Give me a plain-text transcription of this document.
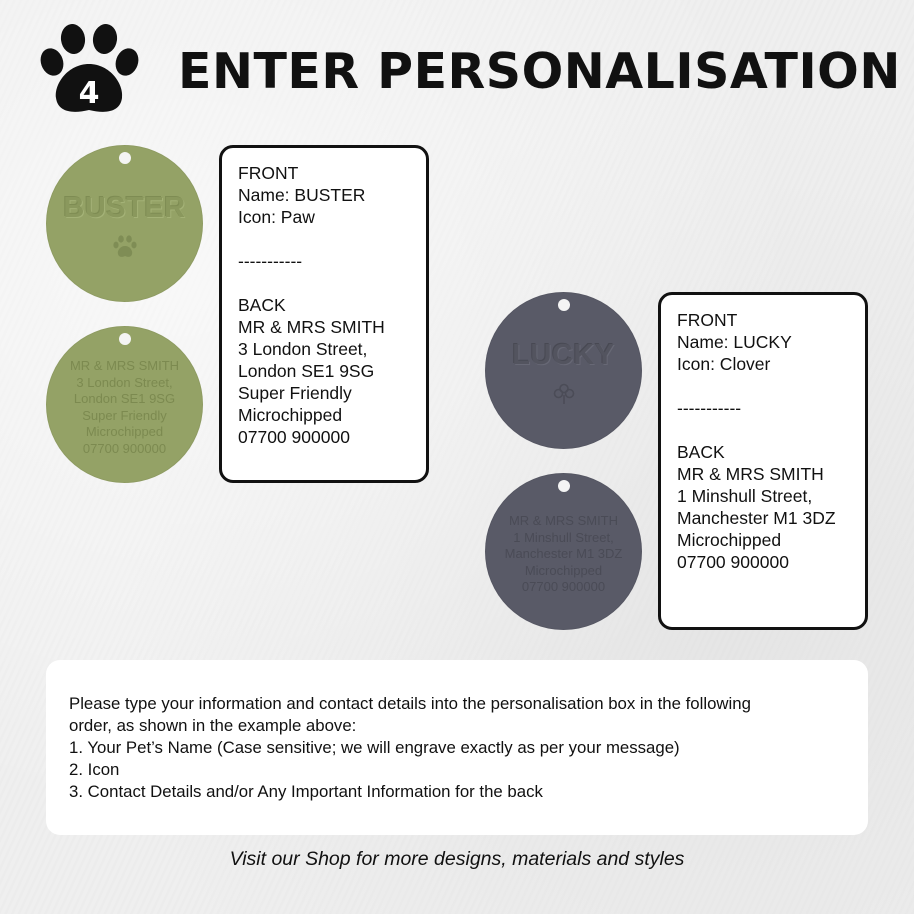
4 ENTER PERSONALISATION
BUSTER
MR & MRS SMITH
3 London Street,
London SE1 9SG
Super Friendly
Microchipped
07700 900000
FRONT
Name: BUSTER
Icon: Paw
-----------
BACK
MR & MRS SMITH
3 London Street,
London SE1 9SG
Super Friendly
Microchipped
07700 900000
LUCKY
MR & MRS SMITH
1 Minshull Street,
Manchester M1 3DZ
Microchipped
07700 900000
FRONT
Name: LUCKY
Icon: Clover
-----------
BACK
MR & MRS SMITH
1 Minshull Street,
Manchester M1 3DZ
Microchipped
07700 900000
Please type your information and contact details into the personalisation box in the following
order, as shown in the example above:
1. Your Pet’s Name (Case sensitive; we will engrave exactly as per your message)
2. Icon
3. Contact Details and/or Any Important Information for the back
Visit our Shop for more designs, materials and styles
